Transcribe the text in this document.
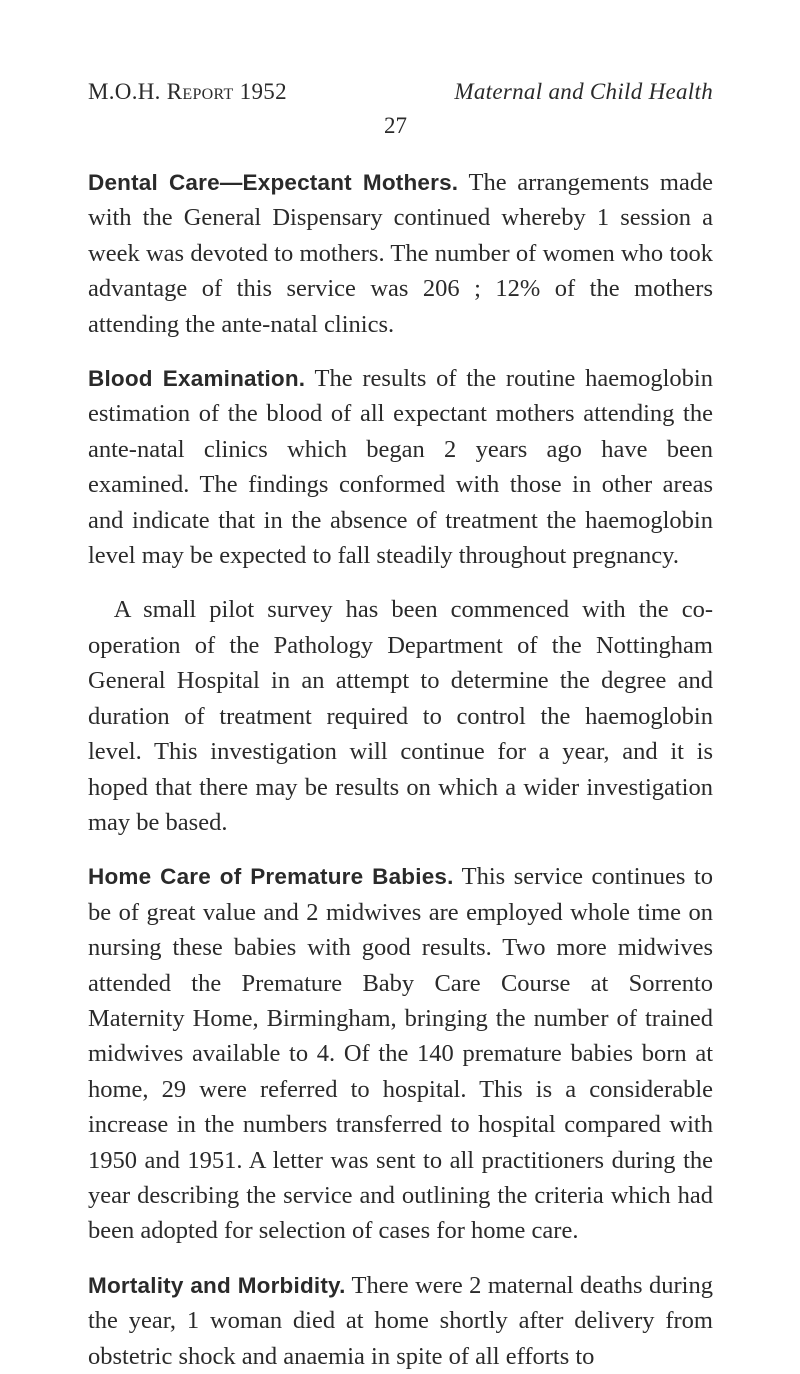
M.O.H. Report 1952	Maternal and Child Health
27

Dental Care—Expectant Mothers. The arrangements made with the General Dispensary continued whereby 1 session a week was devoted to mothers. The number of women who took advantage of this service was 206 ; 12% of the mothers attending the ante-natal clinics.

Blood Examination. The results of the routine haemoglobin estimation of the blood of all expectant mothers attending the ante-natal clinics which began 2 years ago have been examined. The findings conformed with those in other areas and indicate that in the absence of treatment the haemoglobin level may be expected to fall steadily throughout pregnancy.

A small pilot survey has been commenced with the co-operation of the Pathology Department of the Nottingham General Hospital in an attempt to determine the degree and duration of treatment required to control the haemoglobin level. This investigation will continue for a year, and it is hoped that there may be results on which a wider investigation may be based.

Home Care of Premature Babies. This service continues to be of great value and 2 midwives are employed whole time on nursing these babies with good results. Two more midwives attended the Premature Baby Care Course at Sorrento Maternity Home, Birmingham, bringing the number of trained midwives available to 4. Of the 140 premature babies born at home, 29 were referred to hospital. This is a considerable increase in the numbers transferred to hospital compared with 1950 and 1951. A letter was sent to all practitioners during the year describing the service and outlining the criteria which had been adopted for selection of cases for home care.

Mortality and Morbidity. There were 2 maternal deaths during the year, 1 woman died at home shortly after delivery from obstetric shock and anaemia in spite of all efforts to
